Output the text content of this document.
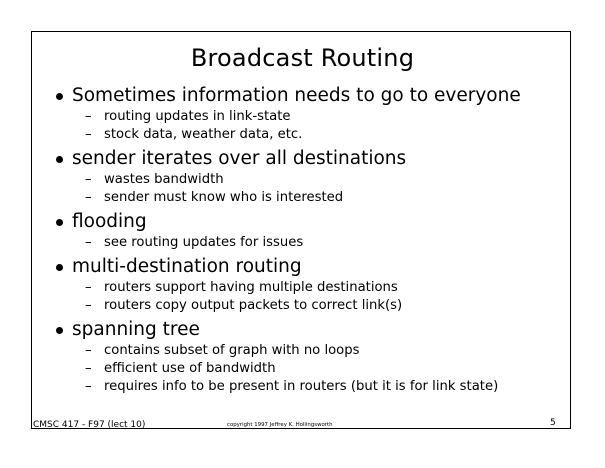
Broadcast Routing
Sometimes information needs to go to everyone
– routing updates in link-state
– stock data, weather data, etc.
sender iterates over all destinations
– wastes bandwidth
– sender must know who is interested
flooding
– see routing updates for issues
multi-destination routing
– routers support having multiple destinations
– routers copy output packets to correct link(s)
spanning tree
– contains subset of graph with no loops
– efficient use of bandwidth
– requires info to be present in routers (but it is for link state)
CMSC 417 - F97 (lect 10)	copyright 1997 Jeffrey K. Hollingsworth	5
